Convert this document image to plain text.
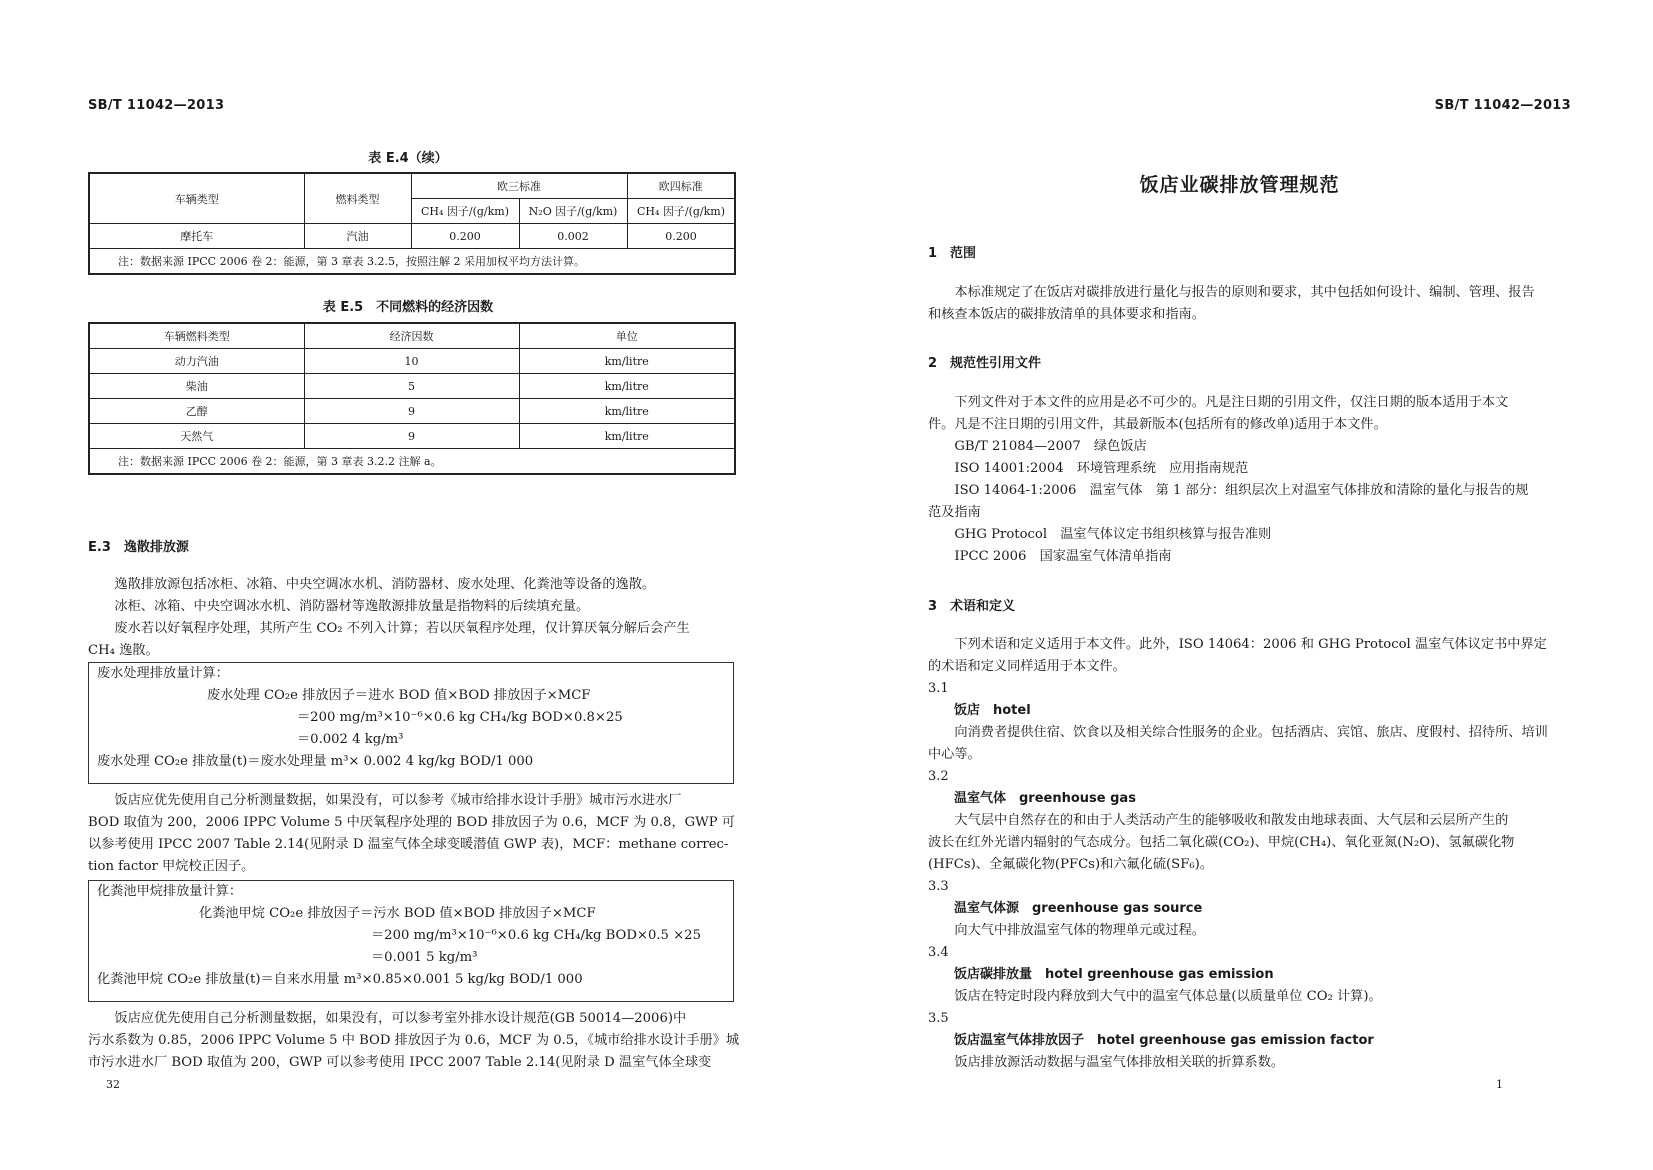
SB/T 11042—2013
表 E.4（续）
车辆类型	燃料类型	欧三标准		欧四标准	
		CH₄ 因子/(g/km)	N₂O 因子/(g/km)	CH₄ 因子/(g/km)	
摩托车	汽油	0.200	0.002	0.200	
注：数据来源 IPCC 2006 卷 2：能源，第 3 章表 3.2.5，按照注解 2 采用加权平均方法计算。					
表 E.5　不同燃料的经济因数
车辆燃料类型	经济因数	单位
动力汽油	10	km/litre
柴油	5	km/litre
乙醇	9	km/litre
天然气	9	km/litre
注：数据来源 IPCC 2006 卷 2：能源，第 3 章表 3.2.2 注解 a。		
E.3　逸散排放源
逸散排放源包括冰柜、冰箱、中央空调冰水机、消防器材、废水处理、化粪池等设备的逸散。
冰柜、冰箱、中央空调冰水机、消防器材等逸散源排放量是指物料的后续填充量。
废水若以好氧程序处理，其所产生 CO₂ 不列入计算；若以厌氧程序处理，仅计算厌氧分解后会产生
CH₄ 逸散。
废水处理排放量计算：
废水处理 CO₂e 排放因子＝进水 BOD 值×BOD 排放因子×MCF
＝200 mg/m³×10⁻⁶×0.6 kg CH₄/kg BOD×0.8×25
＝0.002 4 kg/m³
废水处理 CO₂e 排放量(t)＝废水处理量 m³× 0.002 4 kg/kg BOD/1 000
饭店应优先使用自己分析测量数据，如果没有，可以参考《城市给排水设计手册》城市污水进水厂
BOD 取值为 200，2006 IPPC Volume 5 中厌氧程序处理的 BOD 排放因子为 0.6，MCF 为 0.8，GWP 可
以参考使用 IPCC 2007 Table 2.14(见附录 D 温室气体全球变暖潜值 GWP 表)，MCF：methane correc-
tion factor 甲烷校正因子。
化粪池甲烷排放量计算：
化粪池甲烷 CO₂e 排放因子＝污水 BOD 值×BOD 排放因子×MCF
＝200 mg/m³×10⁻⁶×0.6 kg CH₄/kg BOD×0.5 ×25
＝0.001 5 kg/m³
化粪池甲烷 CO₂e 排放量(t)＝自来水用量 m³×0.85×0.001 5 kg/kg BOD/1 000
饭店应优先使用自己分析测量数据，如果没有，可以参考室外排水设计规范(GB 50014—2006)中
污水系数为 0.85，2006 IPPC Volume 5 中 BOD 排放因子为 0.6，MCF 为 0.5，《城市给排水设计手册》城
市污水进水厂 BOD 取值为 200，GWP 可以参考使用 IPCC 2007 Table 2.14(见附录 D 温室气体全球变
32
SB/T 11042—2013
饭店业碳排放管理规范
1　范围
本标准规定了在饭店对碳排放进行量化与报告的原则和要求，其中包括如何设计、编制、管理、报告
和核查本饭店的碳排放清单的具体要求和指南。
2　规范性引用文件
下列文件对于本文件的应用是必不可少的。凡是注日期的引用文件，仅注日期的版本适用于本文
件。凡是不注日期的引用文件，其最新版本(包括所有的修改单)适用于本文件。
GB/T 21084—2007　绿色饭店
ISO 14001:2004　环境管理系统　应用指南规范
ISO 14064-1:2006　温室气体　第 1 部分：组织层次上对温室气体排放和清除的量化与报告的规
范及指南
GHG Protocol　温室气体议定书组织核算与报告准则
IPCC 2006　国家温室气体清单指南
3　术语和定义
下列术语和定义适用于本文件。此外，ISO 14064：2006 和 GHG Protocol 温室气体议定书中界定
的术语和定义同样适用于本文件。
3.1
饭店　hotel
向消费者提供住宿、饮食以及相关综合性服务的企业。包括酒店、宾馆、旅店、度假村、招待所、培训
中心等。
3.2
温室气体　greenhouse gas
大气层中自然存在的和由于人类活动产生的能够吸收和散发由地球表面、大气层和云层所产生的
波长在红外光谱内辐射的气态成分。包括二氧化碳(CO₂)、甲烷(CH₄)、氧化亚氮(N₂O)、氢氟碳化物
(HFCs)、全氟碳化物(PFCs)和六氟化硫(SF₆)。
3.3
温室气体源　greenhouse gas source
向大气中排放温室气体的物理单元或过程。
3.4
饭店碳排放量　hotel greenhouse gas emission
饭店在特定时段内释放到大气中的温室气体总量(以质量单位 CO₂ 计算)。
3.5
饭店温室气体排放因子　hotel greenhouse gas emission factor
饭店排放源活动数据与温室气体排放相关联的折算系数。
1
